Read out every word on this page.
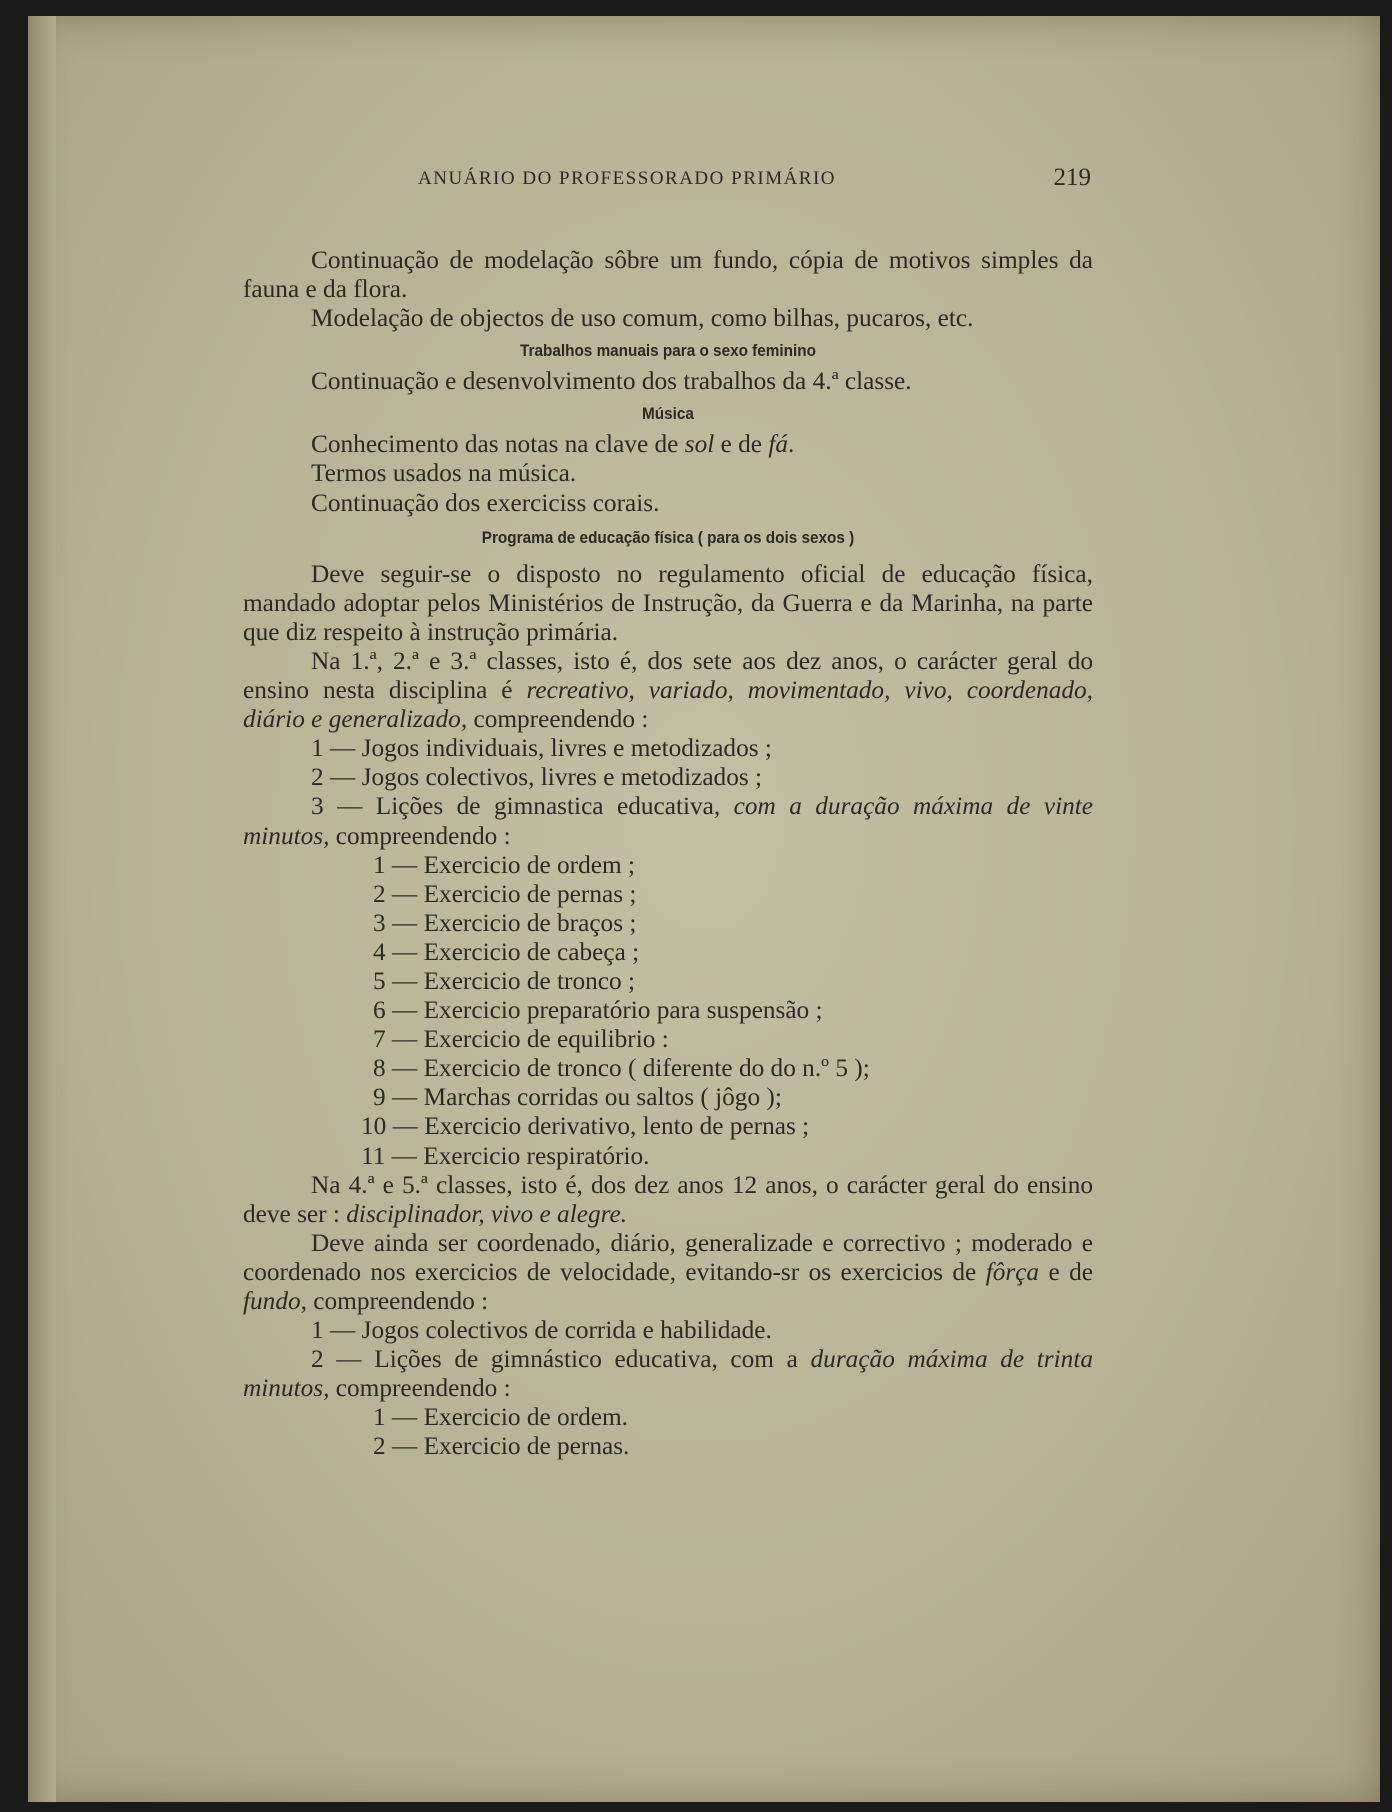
ANUÁRIO DO PROFESSORADO PRIMÁRIO	219

Continuação de modelação sôbre um fundo, cópia de motivos simples da fauna e da flora.

Modelação de objectos de uso comum, como bilhas, pucaros, etc.

Trabalhos manuais para o sexo feminino

Continuação e desenvolvimento dos trabalhos da 4.ª classe.

Música

Conhecimento das notas na clave de sol e de fá.

Termos usados na música.

Continuação dos exerciciss corais.

Programa de educação física ( para os dois sexos )

Deve seguir-se o disposto no regulamento oficial de educação física, mandado adoptar pelos Ministérios de Instrução, da Guerra e da Marinha, na parte que diz respeito à instrução primária.

Na 1.ª, 2.ª e 3.ª classes, isto é, dos sete aos dez anos, o carácter geral do ensino nesta disciplina é recreativo, variado, movimentado, vivo, coordenado, diário e generalizado, compreendendo :

1 — Jogos individuais, livres e metodizados ;

2 — Jogos colectivos, livres e metodizados ;

3 — Lições de gimnastica educativa, com a duração máxima de vinte minutos, compreendendo :

1 — Exercicio de ordem ;

2 — Exercicio de pernas ;

3 — Exercicio de braços ;

4 — Exercicio de cabeça ;

5 — Exercicio de tronco ;

6 — Exercicio preparatório para suspensão ;

7 — Exercicio de equilibrio :

8 — Exercicio de tronco ( diferente do do n.º 5 );

9 — Marchas corridas ou saltos ( jôgo );

10 — Exercicio derivativo, lento de pernas ;

11 — Exercicio respiratório.

Na 4.ª e 5.ª classes, isto é, dos dez anos 12 anos, o carácter geral do ensino deve ser : disciplinador, vivo e alegre.

Deve ainda ser coordenado, diário, generalizade e correctivo ; moderado e coordenado nos exercicios de velocidade, evitando-sr os exercicios de fôrça e de fundo, compreendendo :

1 — Jogos colectivos de corrida e habilidade.

2 — Lições de gimnástico educativa, com a duração máxima de trinta minutos, compreendendo :

1 — Exercicio de ordem.

2 — Exercicio de pernas.
